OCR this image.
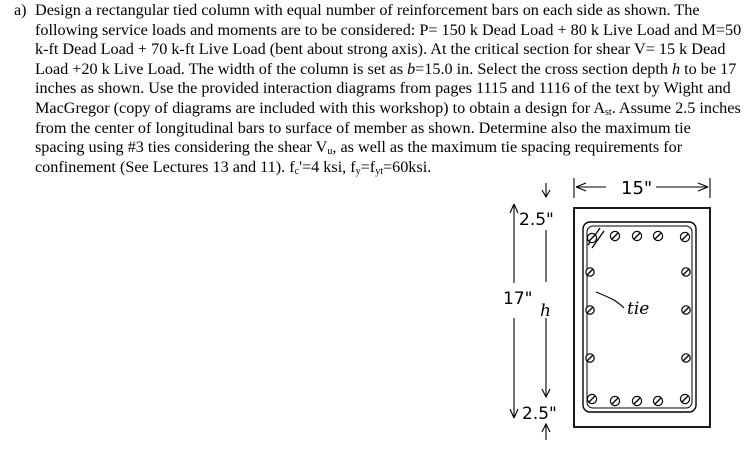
a) Design a rectangular tied column with equal number of reinforcement bars on each side as shown. The following service loads and moments are to be considered: P= 150 k Dead Load + 80 k Live Load and M=50 k-ft Dead Load + 70 k-ft Live Load (bent about strong axis). At the critical section for shear V= 15 k Dead Load +20 k Live Load. The width of the column is set as b=15.0 in. Select the cross section depth h to be 17 inches as shown. Use the provided interaction diagrams from pages 1115 and 1116 of the text by Wight and MacGregor (copy of diagrams are included with this workshop) to obtain a design for $A_{st}$. Assume 2.5 inches from the center of longitudinal bars to surface of member as shown. Determine also the maximum tie spacing using #3 ties considering the shear $V_u$, as well as the maximum tie spacing requirements for confinement (See Lectures 13 and 11). $f_c'=4$ ksi, $f_y=f_{yt}=60ksi$.
15"
2.5"
17"
h
2.5"
tie
